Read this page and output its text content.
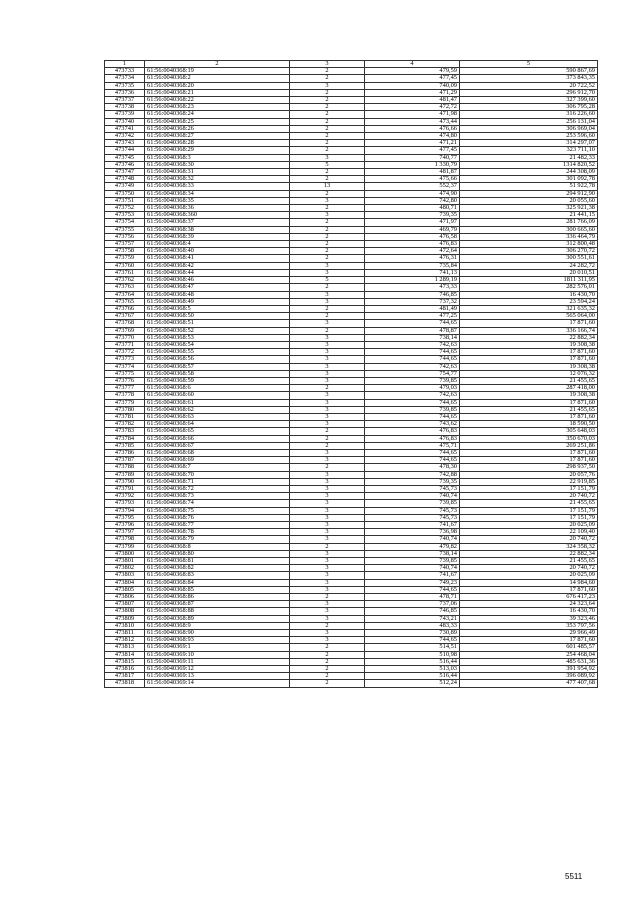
1	2	3	4	5
473733	61:56:0040368:19	2	479,59	590 867,69
473734	61:56:0040368:2	2	477,45	373 843,35
473735	61:56:0040368:20	3	740,09	20 722,52
473736	61:56:0040368:21	2	471,29	296 912,70
473737	61:56:0040368:22	2	481,47	327 399,60
473738	61:56:0040368:23	2	472,72	306 795,28
473739	61:56:0040368:24	2	471,98	316 226,60
473740	61:56:0040368:25	2	473,44	256 131,04
473741	61:56:0040368:26	2	476,66	306 969,04
473742	61:56:0040368:27	2	474,80	253 596,60
473743	61:56:0040368:28	2	471,21	314 297,07
473744	61:56:0040368:29	2	477,45	323 711,10
473745	61:56:0040368:3	3	740,77	21 482,33
473746	61:56:0040368:30	5	1 330,79	1314 820,52
473747	61:56:0040368:31	2	481,87	244 308,09
473748	61:56:0040368:32	2	475,66	301 092,78
473749	61:56:0040368:33	13	552,37	51 922,78
473750	61:56:0040368:34	2	474,90	294 912,90
473751	61:56:0040368:35	3	742,80	20 055,60
473752	61:56:0040368:36	2	480,71	325 921,38
473753	61:56:0040368:360	3	739,35	21 441,15
473754	61:56:0040368:37	2	471,97	281 766,09
473755	61:56:0040368:38	2	469,79	300 665,60
473756	61:56:0040368:39	2	476,58	336 464,79
473757	61:56:0040368:4	2	476,83	312 800,48
473758	61:56:0040368:40	2	472,64	306 270,72
473759	61:56:0040368:41	2	476,31	300 551,61
473760	61:56:0040368:42	3	735,84	24 282,72
473761	61:56:0040368:44	3	741,13	20 010,51
473762	61:56:0040368:46	5	1 289,19	1811 311,95
473763	61:56:0040368:47	2	473,33	282 576,01
473764	61:56:0040368:48	3	746,85	16 430,70
473765	61:56:0040368:49	3	737,32	23 594,24
473766	61:56:0040368:5	2	481,49	321 635,32
473767	61:56:0040368:50	2	477,25	565 064,00
473768	61:56:0040368:51	3	744,65	17 871,60
473769	61:56:0040368:52	2	478,87	336 166,74
473770	61:56:0040368:53	3	738,14	22 882,34
473771	61:56:0040368:54	3	742,63	19 308,38
473772	61:56:0040368:55	3	744,65	17 871,60
473773	61:56:0040368:56	3	744,65	17 871,60
473774	61:56:0040368:57	3	742,63	19 308,38
473775	61:56:0040368:58	3	754,77	12 076,32
473776	61:56:0040368:59	3	739,85	21 455,65
473777	61:56:0040368:6	2	479,03	287 418,00
473778	61:56:0040368:60	3	742,63	19 308,38
473779	61:56:0040368:61	3	744,65	17 871,60
473780	61:56:0040368:62	3	739,85	21 455,65
473781	61:56:0040368:63	3	744,65	17 871,60
473782	61:56:0040368:64	3	743,62	18 590,50
473783	61:56:0040368:65	2	476,83	305 648,03
473784	61:56:0040368:66	2	476,83	350 670,03
473785	61:56:0040368:67	2	475,71	269 251,86
473786	61:56:0040368:68	3	744,65	17 871,60
473787	61:56:0040368:69	3	744,65	17 871,60
473788	61:56:0040368:7	2	478,30	298 937,50
473789	61:56:0040368:70	3	742,88	20 057,76
473790	61:56:0040368:71	3	739,35	22 919,85
473791	61:56:0040368:72	3	745,73	17 151,79
473792	61:56:0040368:73	3	740,74	20 740,72
473793	61:56:0040368:74	3	739,85	21 455,65
473794	61:56:0040368:75	3	745,73	17 151,79
473795	61:56:0040368:76	3	745,73	17 151,79
473796	61:56:0040368:77	3	741,67	20 025,09
473797	61:56:0040368:78	3	736,98	22 109,40
473798	61:56:0040368:79	3	740,74	20 740,72
473799	61:56:0040368:8	2	479,82	324 358,32
473800	61:56:0040368:80	3	738,14	22 882,34
473801	61:56:0040368:81	3	739,85	21 455,65
473802	61:56:0040368:82	3	740,74	20 740,72
473803	61:56:0040368:83	3	741,67	20 025,09
473804	61:56:0040368:84	3	749,23	14 984,60
473805	61:56:0040368:85	3	744,65	17 871,60
473806	61:56:0040368:86	2	478,71	676 417,23
473807	61:56:0040368:87	3	737,06	24 323,64
473808	61:56:0040368:88	3	746,85	16 430,70
473809	61:56:0040368:89	3	743,21	39 323,46
473810	61:56:0040368:9	2	483,33	353 797,56
473811	61:56:0040368:90	3	730,89	29 966,49
473812	61:56:0040368:93	3	744,65	17 871,60
473813	61:56:0040369:1	2	514,51	601 485,57
473814	61:56:0040369:10	2	510,98	254 468,04
473815	61:56:0040369:11	2	516,44	485 631,36
473816	61:56:0040369:12	2	513,03	391 954,92
473817	61:56:0040369:13	2	516,44	396 089,92
473818	61:56:0040369:14	2	512,24	477 407,68
5511
